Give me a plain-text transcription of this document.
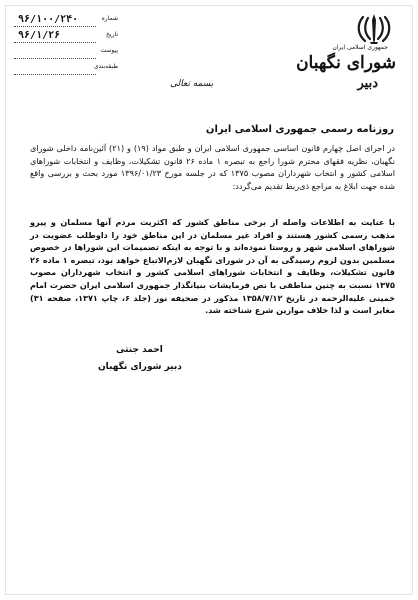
جمهوری اسلامی ایران
شورای نگهبان
دبیر
بسمه تعالی
شماره
۹۶/۱۰۰/۲۴۰
تاریخ
۹۶/۱/۲۶
پیوست
طبقه‌بندی
روزنامه رسمی جمهوری اسلامی ایران
در اجرای اصل چهارم قانون اساسی جمهوری اسلامی ایران و طبق مواد (۱۹) و (۲۱) آئین‌نامه داخلی شورای نگهبان، نظریه فقهای محترم شورا راجع به تبصره ۱ ماده ۲۶ قانون تشکیلات، وظایف و انتخابات شوراهای اسلامی کشور و انتخاب شهرداران مصوب ۱۳۷۵ که در جلسه مورخ ۱۳۹۶/۰۱/۲۳ مورد بحث و بررسی واقع شده جهت ابلاغ به مراجع ذی‌ربط تقدیم می‌گردد:
با عنایت به اطلاعات واصله از برخی مناطق کشور که اکثریت مردم آنها مسلمان و پیرو مذهب رسمی کشور هستند و افراد غیر مسلمان در این مناطق خود را داوطلب عضویت در شوراهای اسلامی شهر و روستا نموده‌اند و با توجه به اینکه تصمیمات این شوراها در خصوص مسلمین بدون لزوم رسیدگی به آن در شورای نگهبان لازم‌الاتباع خواهد بود، تبصره ۱ ماده ۲۶ قانون تشکیلات، وظایف و انتخابات شوراهای اسلامی کشور و انتخاب شهرداران مصوب ۱۳۷۵ نسبت به چنین مناطقی با نص فرمایشات بنیانگذار جمهوری اسلامی ایران حضرت امام خمینی علیه‌الرحمه در تاریخ ۱۳۵۸/۷/۱۲ مذکور در صحیفه نور (جلد ۶، چاپ ۱۳۷۱، صفحه ۳۱) مغایر است و لذا خلاف موازین شرع شناخته شد.
احمد جنتی
دبیر شورای نگهبان
